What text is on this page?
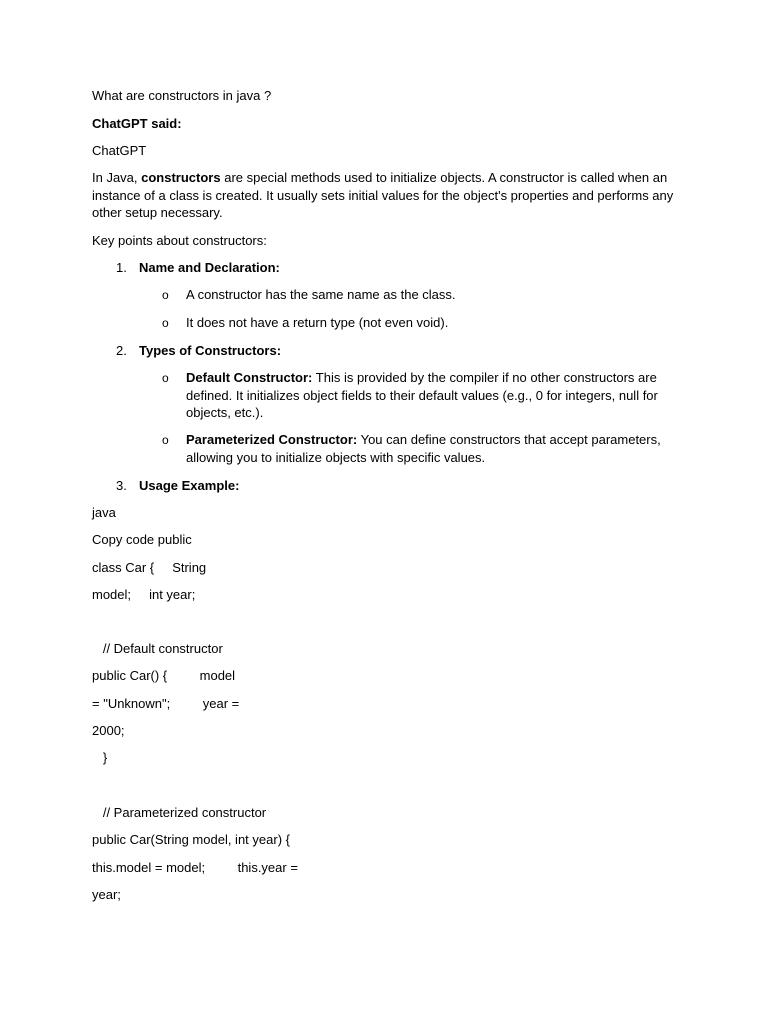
What are constructors in java ?
ChatGPT said:
ChatGPT
In Java, constructors are special methods used to initialize objects. A constructor is called when an instance of a class is created. It usually sets initial values for the object's properties and performs any other setup necessary.
Key points about constructors:
1. Name and Declaration:
o A constructor has the same name as the class.
o It does not have a return type (not even void).
2. Types of Constructors:
o Default Constructor: This is provided by the compiler if no other constructors are defined. It initializes object fields to their default values (e.g., 0 for integers, null for objects, etc.).
o Parameterized Constructor: You can define constructors that accept parameters, allowing you to initialize objects with specific values.
3. Usage Example:
java
Copy code public
class Car {     String
model;     int year;
// Default constructor
public Car() {         model
= "Unknown";         year =
2000;
}
// Parameterized constructor
public Car(String model, int year) {
this.model = model;         this.year =
year;
